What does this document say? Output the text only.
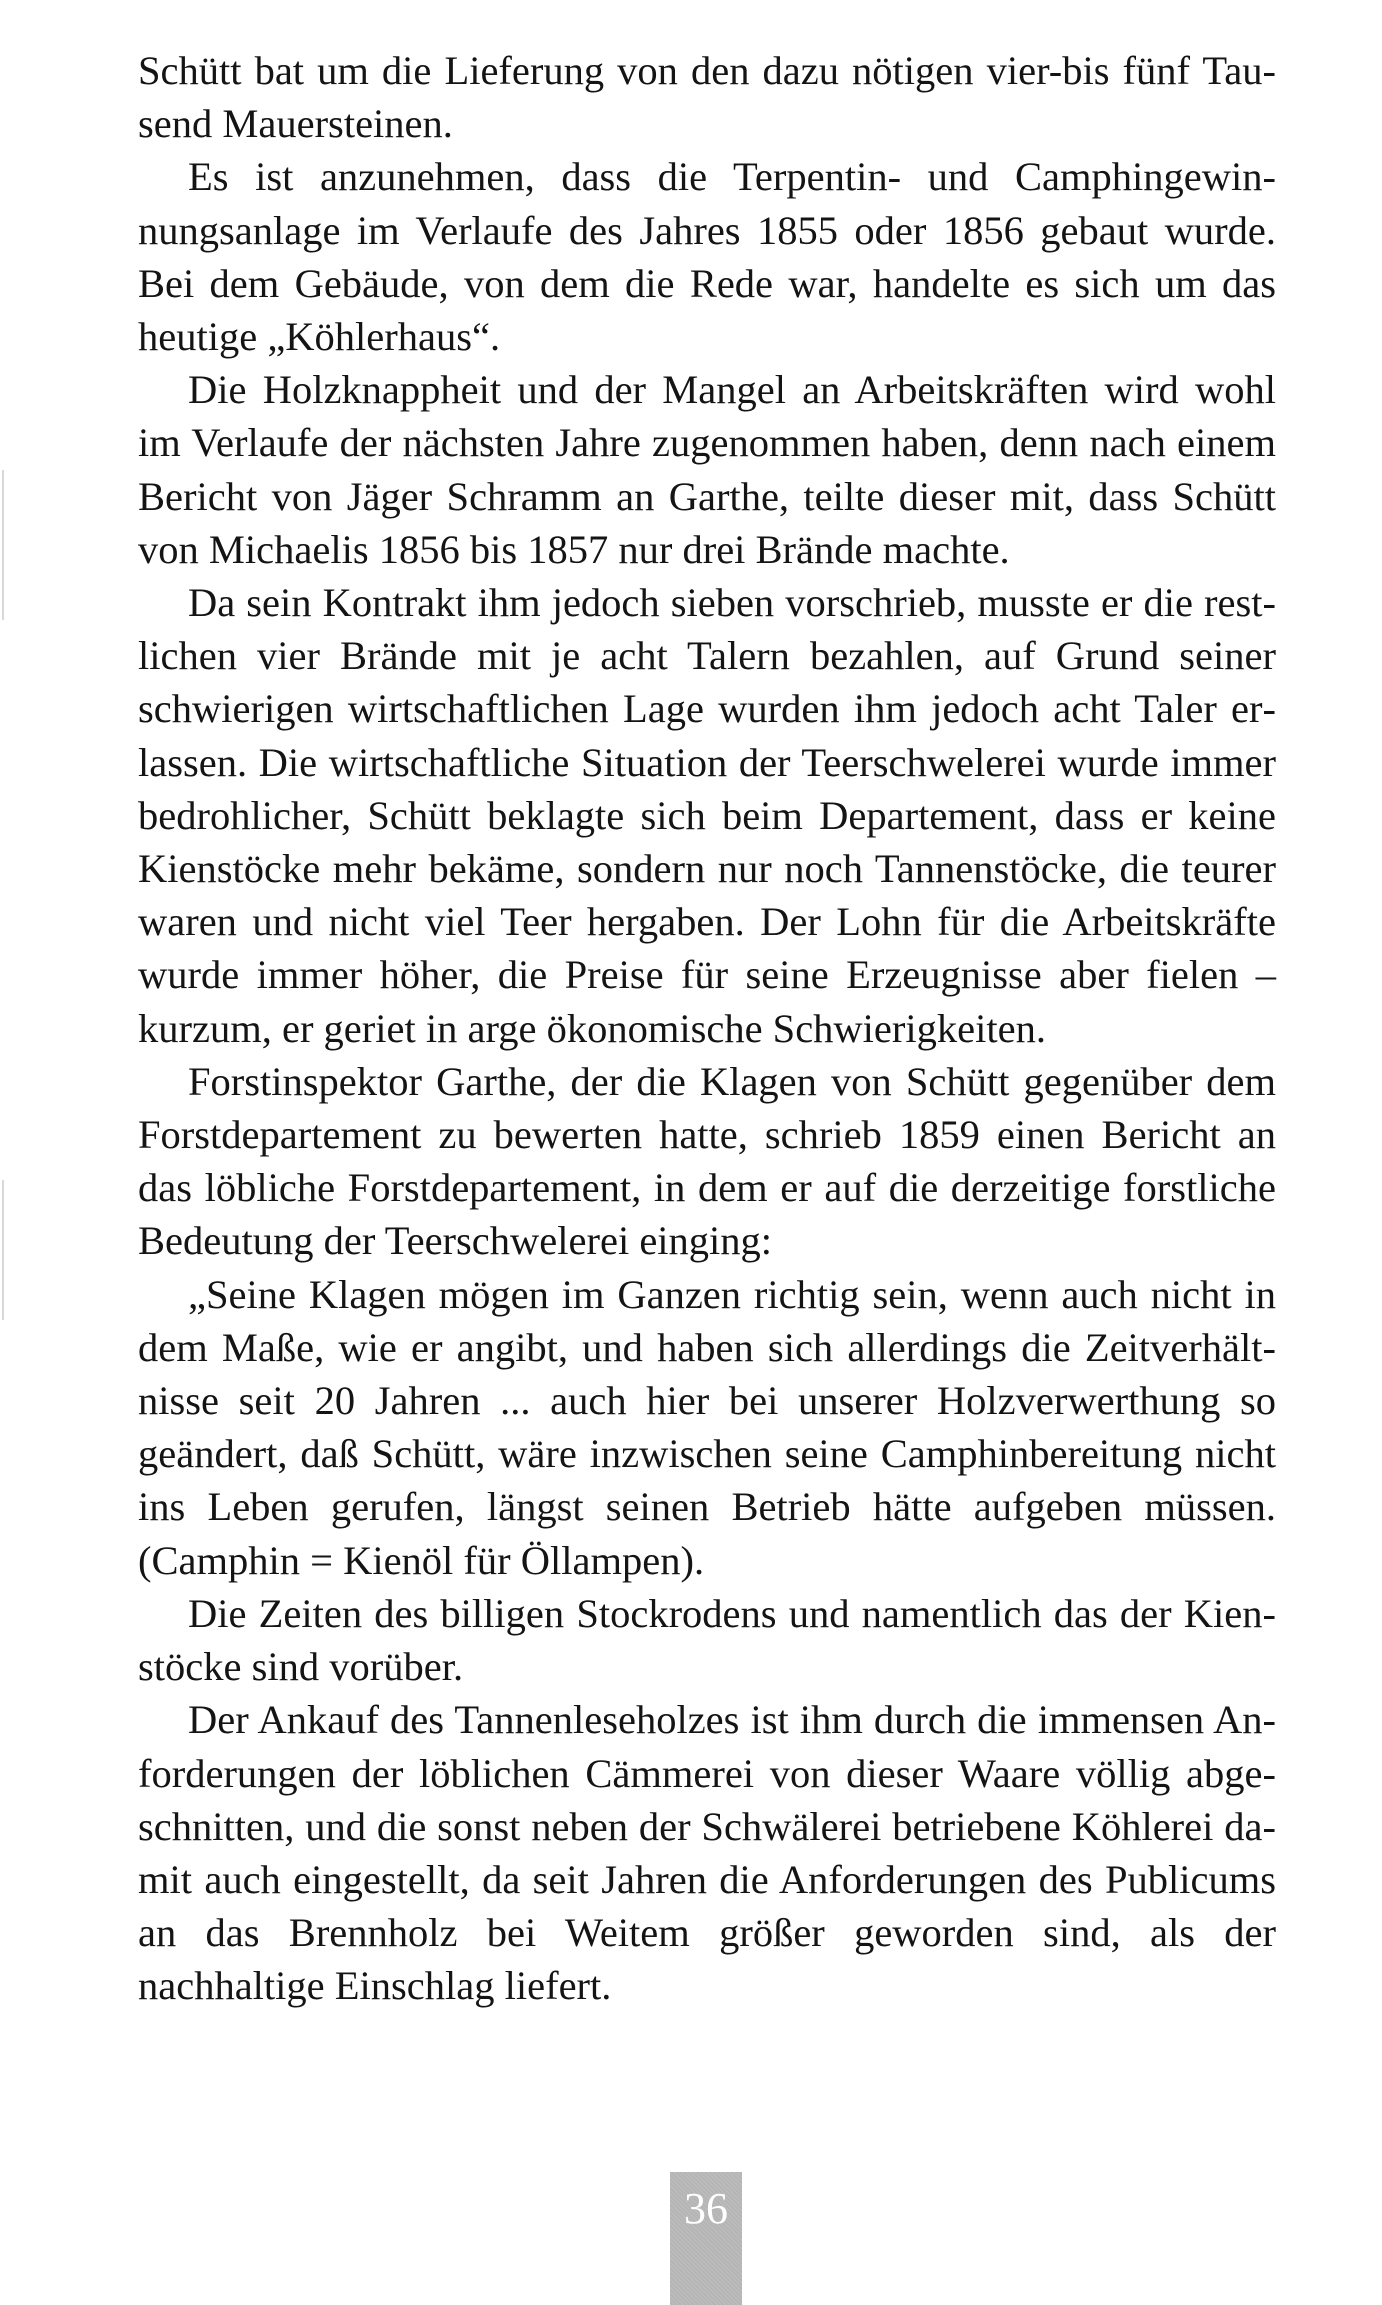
Schütt bat um die Lieferung von den dazu nötigen vier-bis fünf Tausend Mauersteinen.

Es ist anzunehmen, dass die Terpentin- und Camphingewinnungsanlage im Verlaufe des Jahres 1855 oder 1856 gebaut wurde. Bei dem Gebäude, von dem die Rede war, handelte es sich um das heutige „Köhlerhaus“.

Die Holzknappheit und der Mangel an Arbeitskräften wird wohl im Verlaufe der nächsten Jahre zugenommen haben, denn nach einem Bericht von Jäger Schramm an Garthe, teilte dieser mit, dass Schütt von Michaelis 1856 bis 1857 nur drei Brände machte.

Da sein Kontrakt ihm jedoch sieben vorschrieb, musste er die restlichen vier Brände mit je acht Talern bezahlen, auf Grund seiner schwierigen wirtschaftlichen Lage wurden ihm jedoch acht Taler erlassen. Die wirtschaftliche Situation der Teerschwelerei wurde immer bedrohlicher, Schütt beklagte sich beim Departement, dass er keine Kienstöcke mehr bekäme, sondern nur noch Tannenstöcke, die teurer waren und nicht viel Teer hergaben. Der Lohn für die Arbeitskräfte wurde immer höher, die Preise für seine Erzeugnisse aber fielen – kurzum, er geriet in arge ökonomische Schwierigkeiten.

Forstinspektor Garthe, der die Klagen von Schütt gegenüber dem Forstdepartement zu bewerten hatte, schrieb 1859 einen Bericht an das löbliche Forstdepartement, in dem er auf die derzeitige forstliche Bedeutung der Teerschwelerei einging:

„Seine Klagen mögen im Ganzen richtig sein, wenn auch nicht in dem Maße, wie er angibt, und haben sich allerdings die Zeitverhältnisse seit 20 Jahren ... auch hier bei unserer Holzverwerthung so geändert, daß Schütt, wäre inzwischen seine Camphinbereitung nicht ins Leben gerufen, längst seinen Betrieb hätte aufgeben müssen.(Camphin = Kienöl für Öllampen).

Die Zeiten des billigen Stockrodens und namentlich das der Kienstöcke sind vorüber.

Der Ankauf des Tannenleseholzes ist ihm durch die immensen Anforderungen der löblichen Cämmerei von dieser Waare völlig abgeschnitten, und die sonst neben der Schwälerei betriebene Köhlerei damit auch eingestellt, da seit Jahren die Anforderungen des Publicums an das Brennholz bei Weitem größer geworden sind, als der nachhaltige Einschlag liefert.

36
